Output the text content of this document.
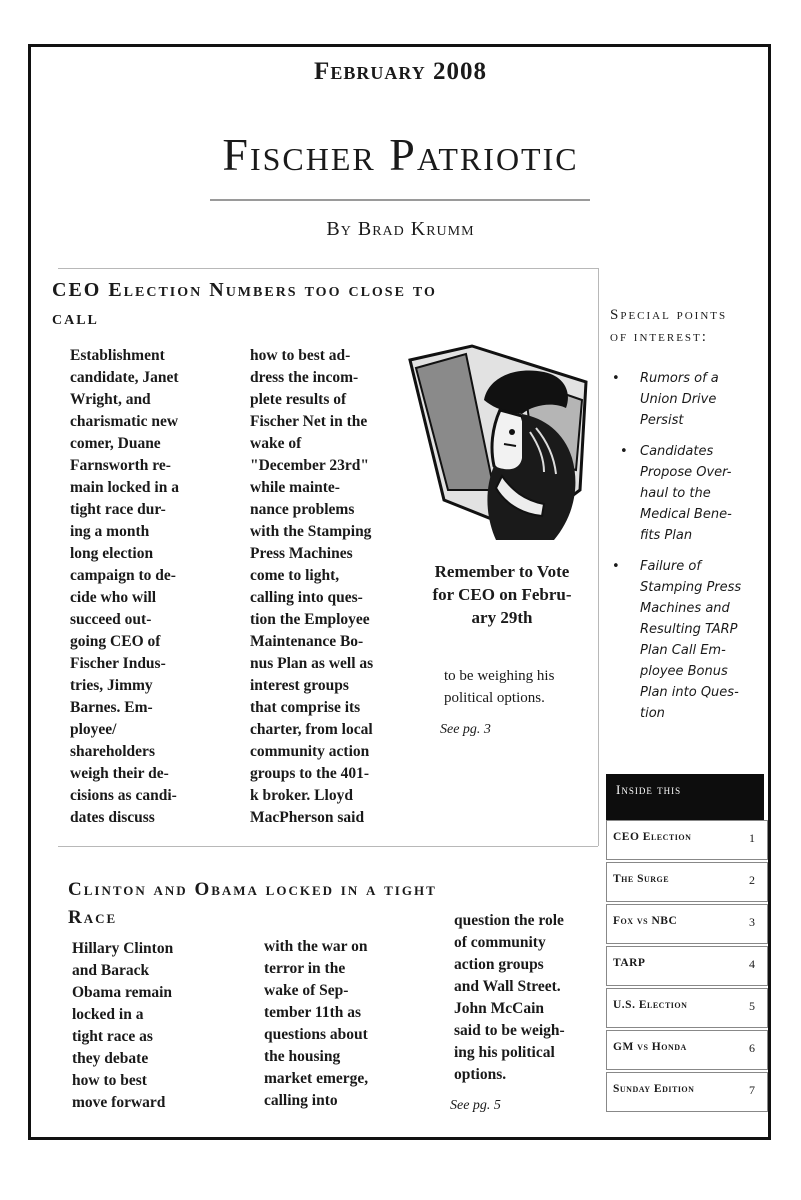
February 2008
Fischer Patriotic
By Brad Krumm
CEO Election Numbers too close to
call
Establishment
candidate, Janet
Wright, and
charismatic new
comer, Duane
Farnsworth re-
main locked in a
tight race dur-
ing a month
long election
campaign to de-
cide who will
succeed out-
going CEO of
Fischer Indus-
tries, Jimmy
Barnes. Em-
ployee/
shareholders
weigh their de-
cisions as candi-
dates discuss
how to best ad-
dress the incom-
plete results of
Fischer Net in the
wake of
"December 23rd"
while mainte-
nance problems
with the Stamping
Press Machines
come to light,
calling into ques-
tion the Employee
Maintenance Bo-
nus Plan as well as
interest groups
that comprise its
charter, from local
community action
groups to the 401-
k broker. Lloyd
MacPherson said
Remember to Vote
for CEO on Febru-
ary 29th
to be weighing his
political options.
See pg. 3
Clinton and Obama locked in a tight
Race
Hillary Clinton
and Barack
Obama remain
locked in a
tight race as
they debate
how to best
move forward
with the war on
terror in the
wake of Sep-
tember 11th as
questions about
the housing
market emerge,
calling into
question the role
of community
action groups
and Wall Street.
John McCain
said to be weigh-
ing his political
options.
See pg. 5
Special points
of interest:
• Rumors of a
Union Drive
Persist
• Candidates
Propose Over-
haul to the
Medical Bene-
fits Plan
• Failure of
Stamping Press
Machines and
Resulting TARP
Plan Call Em-
ployee Bonus
Plan into Ques-
tion
Inside this
CEO Election	1
The Surge	2
Fox vs NBC	3
TARP	4
U.S. Election	5
GM vs Honda	6
Sunday Edition	7
